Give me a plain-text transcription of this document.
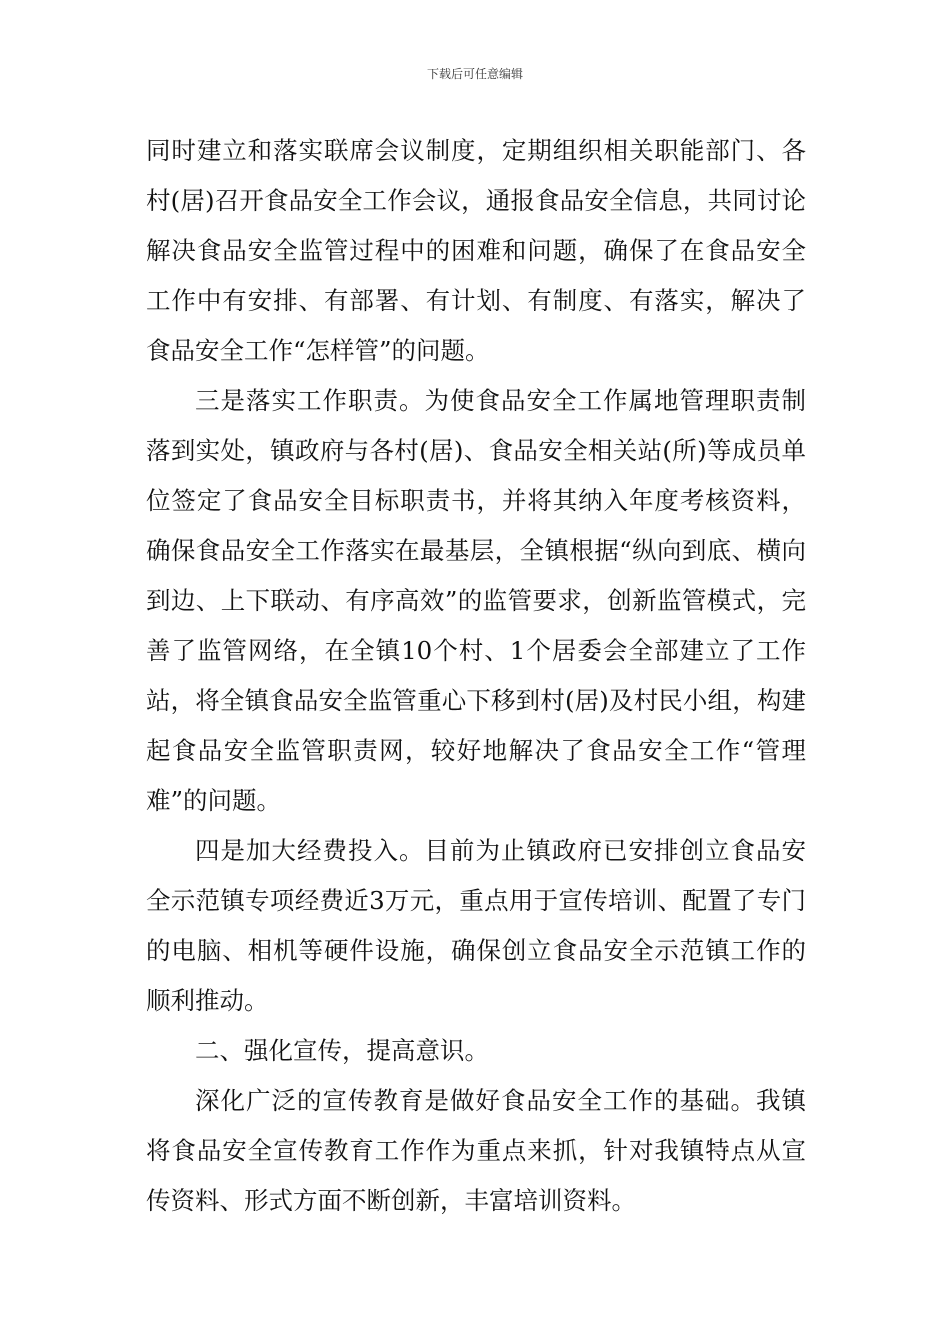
下载后可任意编辑

同时建立和落实联席会议制度，定期组织相关职能部门、各村(居)召开食品安全工作会议，通报食品安全信息，共同讨论解决食品安全监管过程中的困难和问题，确保了在食品安全工作中有安排、有部署、有计划、有制度、有落实，解决了食品安全工作“怎样管”的问题。

三是落实工作职责。为使食品安全工作属地管理职责制落到实处，镇政府与各村(居)、食品安全相关站(所)等成员单位签定了食品安全目标职责书，并将其纳入年度考核资料，确保食品安全工作落实在最基层，全镇根据“纵向到底、横向到边、上下联动、有序高效”的监管要求，创新监管模式，完善了监管网络，在全镇10个村、1个居委会全部建立了工作站，将全镇食品安全监管重心下移到村(居)及村民小组，构建起食品安全监管职责网，较好地解决了食品安全工作“管理难”的问题。

四是加大经费投入。目前为止镇政府已安排创立食品安全示范镇专项经费近3万元，重点用于宣传培训、配置了专门的电脑、相机等硬件设施，确保创立食品安全示范镇工作的顺利推动。

二、强化宣传，提高意识。

深化广泛的宣传教育是做好食品安全工作的基础。我镇将食品安全宣传教育工作作为重点来抓，针对我镇特点从宣传资料、形式方面不断创新，丰富培训资料。
